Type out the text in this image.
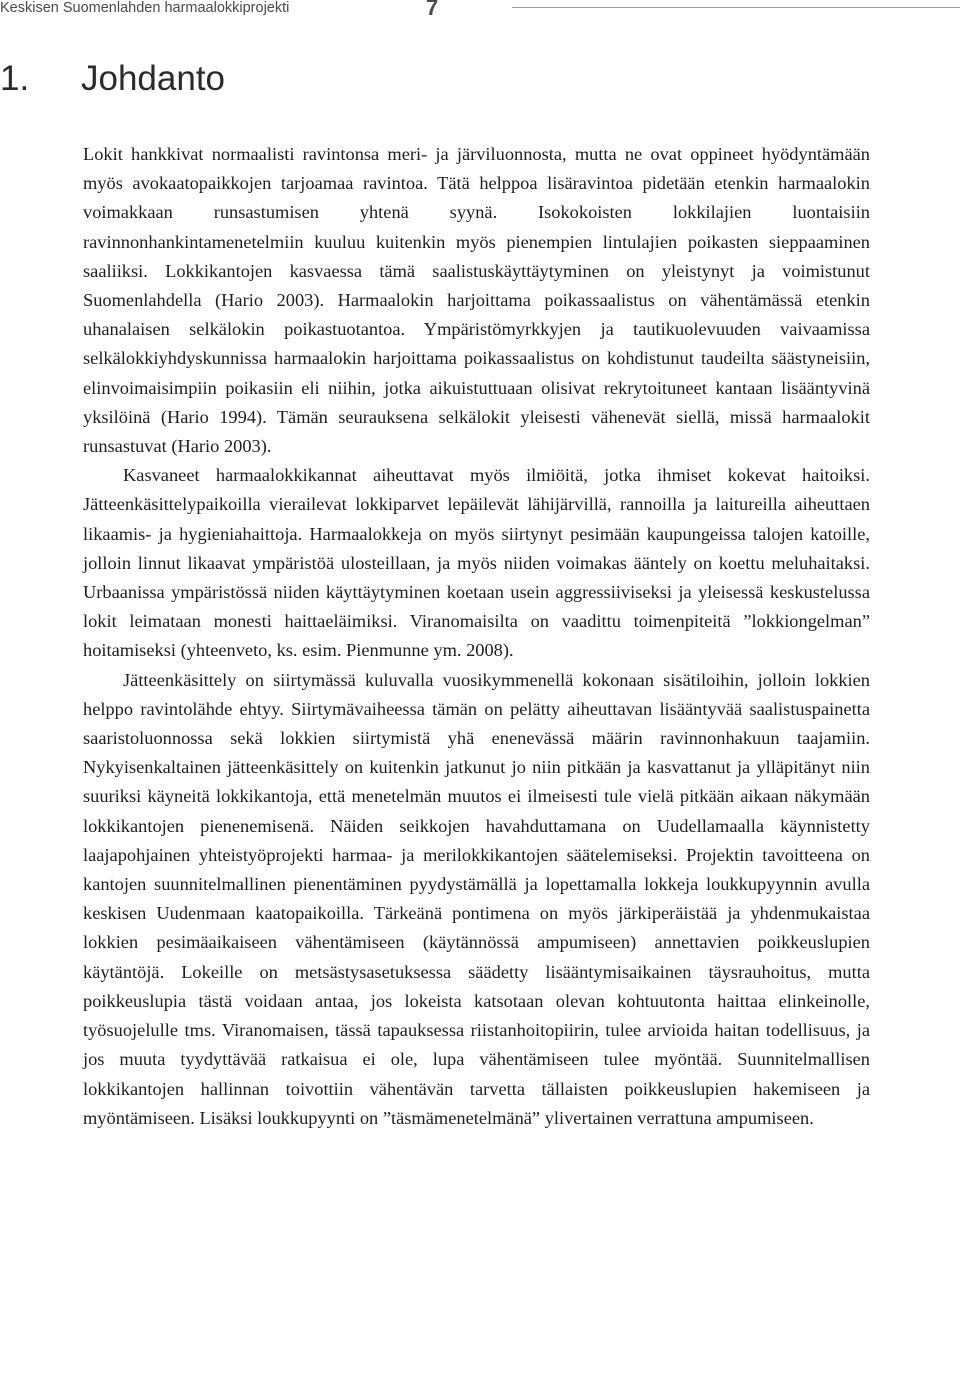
Keskisen Suomenlahden harmaalokkiprojekti	7
1. Johdanto

Lokit hankkivat normaalisti ravintonsa meri- ja järviluonnosta, mutta ne ovat oppineet hyödyntämään myös avokaatopaikkojen tarjoamaa ravintoa. Tätä helppoa lisäravintoa pidetään etenkin harmaalokin voimakkaan runsastumisen yhtenä syynä. Isokokoisten lokkilajien luontaisiin ravinnonhankintamenetelmiin kuuluu kuitenkin myös pienempien lintulajien poikasten sieppaaminen saaliiksi. Lokkikantojen kasvaessa tämä saalistuskäyttäytyminen on yleistynyt ja voimistunut Suomenlahdella (Hario 2003). Harmaalokin harjoittama poikassaalistus on vähentämässä etenkin uhanalaisen selkälokin poikastuotantoa. Ympäristömyrkkyjen ja tautikuolevuuden vaivaamissa selkälokkiyhdyskunnissa harmaalokin harjoittama poikassaalistus on kohdistunut taudeilta säästyneisiin, elinvoimaisimpiin poikasiin eli niihin, jotka aikuistuttuaan olisivat rekrytoituneet kantaan lisääntyvinä yksilöinä (Hario 1994). Tämän seurauksena selkälokit yleisesti vähenevät siellä, missä harmaalokit runsastuvat (Hario 2003).

Kasvaneet harmaalokkikannat aiheuttavat myös ilmiöitä, jotka ihmiset kokevat haitoiksi. Jätteenkäsittelypaikoilla vierailevat lokkiparvet lepäilevät lähijärvillä, rannoilla ja laitureilla aiheuttaen likaamis- ja hygieniahaittoja. Harmaalokkeja on myös siirtynyt pesimään kaupungeissa talojen katoille, jolloin linnut likaavat ympäristöä ulosteillaan, ja myös niiden voimakas ääntely on koettu meluhaitaksi. Urbaanissa ympäristössä niiden käyttäytyminen koetaan usein aggressiiviseksi ja yleisessä keskustelussa lokit leimataan monesti haittaeläimiksi. Viranomaisilta on vaadittu toimenpiteitä ”lokkiongelman” hoitamiseksi (yhteenveto, ks. esim. Pienmunne ym. 2008).

Jätteenkäsittely on siirtymässä kuluvalla vuosikymmenellä kokonaan sisätiloihin, jolloin lokkien helppo ravintolähde ehtyy. Siirtymävaiheessa tämän on pelätty aiheuttavan lisääntyvää saalistuspainetta saaristoluonnossa sekä lokkien siirtymistä yhä enenevässä määrin ravinnonhakuun taajamiin. Nykyisenkaltainen jätteenkäsittely on kuitenkin jatkunut jo niin pitkään ja kasvattanut ja ylläpitänyt niin suuriksi käyneitä lokkikantoja, että menetelmän muutos ei ilmeisesti tule vielä pitkään aikaan näkymään lokkikantojen pienenemisenä. Näiden seikkojen havahduttamana on Uudellamaalla käynnistetty laajapohjainen yhteistyöprojekti harmaa- ja merilokkikantojen säätelemiseksi. Projektin tavoitteena on kantojen suunnitelmallinen pienentäminen pyydystämällä ja lopettamalla lokkeja loukkupyynnin avulla keskisen Uudenmaan kaatopaikoilla. Tärkeänä pontimena on myös järkiperäistää ja yhdenmukaistaa lokkien pesimäaikaiseen vähentämiseen (käytännössä ampumiseen) annettavien poikkeuslupien käytäntöjä. Lokeille on metsästysasetuksessa säädetty lisääntymisaikainen täysrauhoitus, mutta poikkeuslupia tästä voidaan antaa, jos lokeista katsotaan olevan kohtuutonta haittaa elinkeinolle, työsuojelulle tms. Viranomaisen, tässä tapauksessa riistanhoitopiirin, tulee arvioida haitan todellisuus, ja jos muuta tyydyttävää ratkaisua ei ole, lupa vähentämiseen tulee myöntää. Suunnitelmallisen lokkikantojen hallinnan toivottiin vähentävän tarvetta tällaisten poikkeuslupien hakemiseen ja myöntämiseen. Lisäksi loukkupyynti on ”täsmämenetelmänä” ylivertainen verrattuna ampumiseen.
